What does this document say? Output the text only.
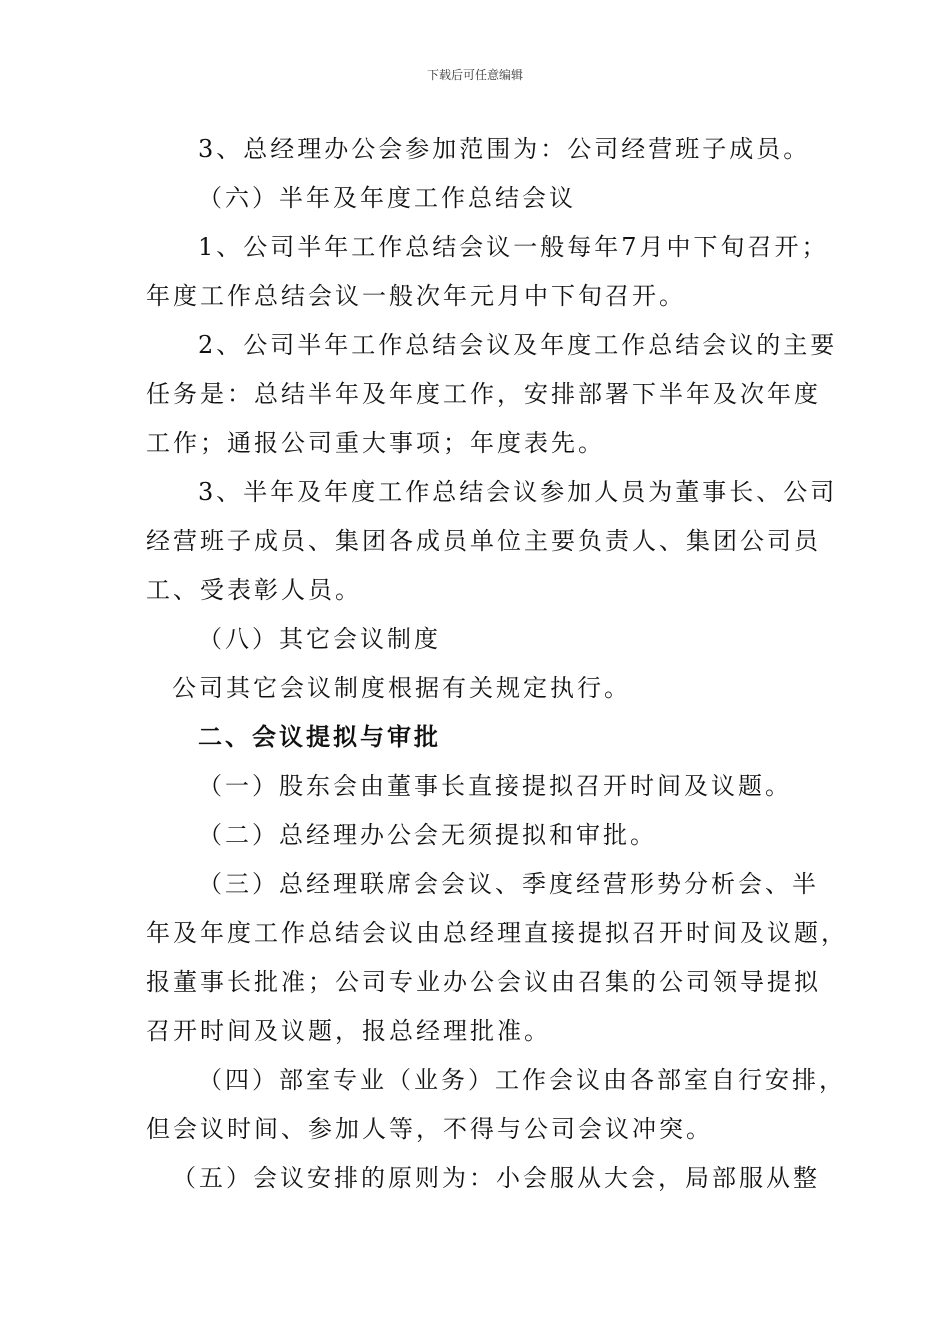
下载后可任意编辑
3、总经理办公会参加范围为：公司经营班子成员。
（六）半年及年度工作总结会议
1、公司半年工作总结会议一般每年7月中下旬召开；
年度工作总结会议一般次年元月中下旬召开。
2、公司半年工作总结会议及年度工作总结会议的主要
任务是：总结半年及年度工作，安排部署下半年及次年度
工作；通报公司重大事项；年度表先。
3、半年及年度工作总结会议参加人员为董事长、公司
经营班子成员、集团各成员单位主要负责人、集团公司员
工、受表彰人员。
（八）其它会议制度
公司其它会议制度根据有关规定执行。
二、会议提拟与审批
（一）股东会由董事长直接提拟召开时间及议题。
（二）总经理办公会无须提拟和审批。
（三）总经理联席会会议、季度经营形势分析会、半
年及年度工作总结会议由总经理直接提拟召开时间及议题，
报董事长批准；公司专业办公会议由召集的公司领导提拟
召开时间及议题，报总经理批准。
（四）部室专业（业务）工作会议由各部室自行安排，
但会议时间、参加人等，不得与公司会议冲突。
（五）会议安排的原则为：小会服从大会，局部服从整
